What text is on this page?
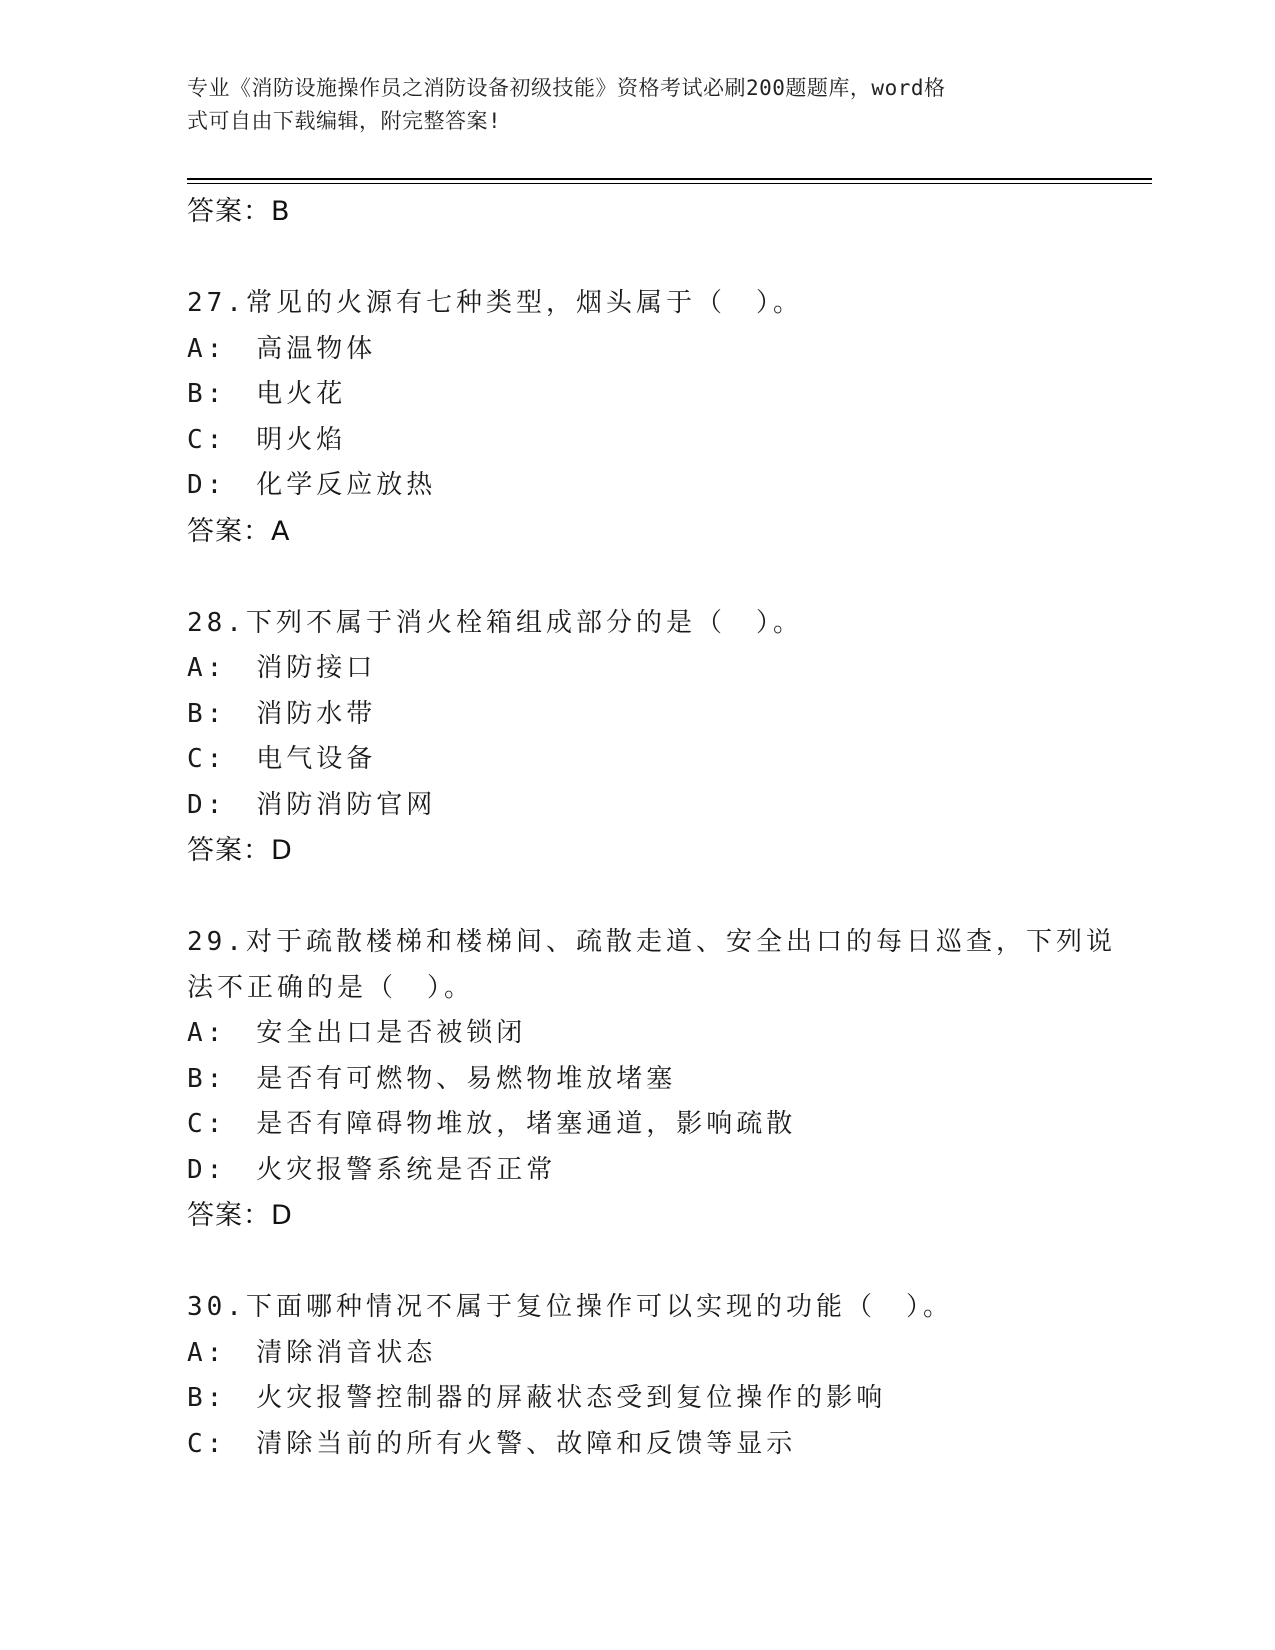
专业《消防设施操作员之消防设备初级技能》资格考试必刷200题题库，word格
式可自由下载编辑，附完整答案!
答案：B
27.常见的火源有七种类型，烟头属于（　）。
A:　高温物体
B:　电火花
C:　明火焰
D:　化学反应放热
答案：A
28.下列不属于消火栓箱组成部分的是（　）。
A:　消防接口
B:　消防水带
C:　电气设备
D:　消防消防官网
答案：D
29.对于疏散楼梯和楼梯间、疏散走道、安全出口的每日巡查，下列说
法不正确的是（　）。
A:　安全出口是否被锁闭
B:　是否有可燃物、易燃物堆放堵塞
C:　是否有障碍物堆放，堵塞通道，影响疏散
D:　火灾报警系统是否正常
答案：D
30.下面哪种情况不属于复位操作可以实现的功能（　）。
A:　清除消音状态
B:　火灾报警控制器的屏蔽状态受到复位操作的影响
C:　清除当前的所有火警、故障和反馈等显示
